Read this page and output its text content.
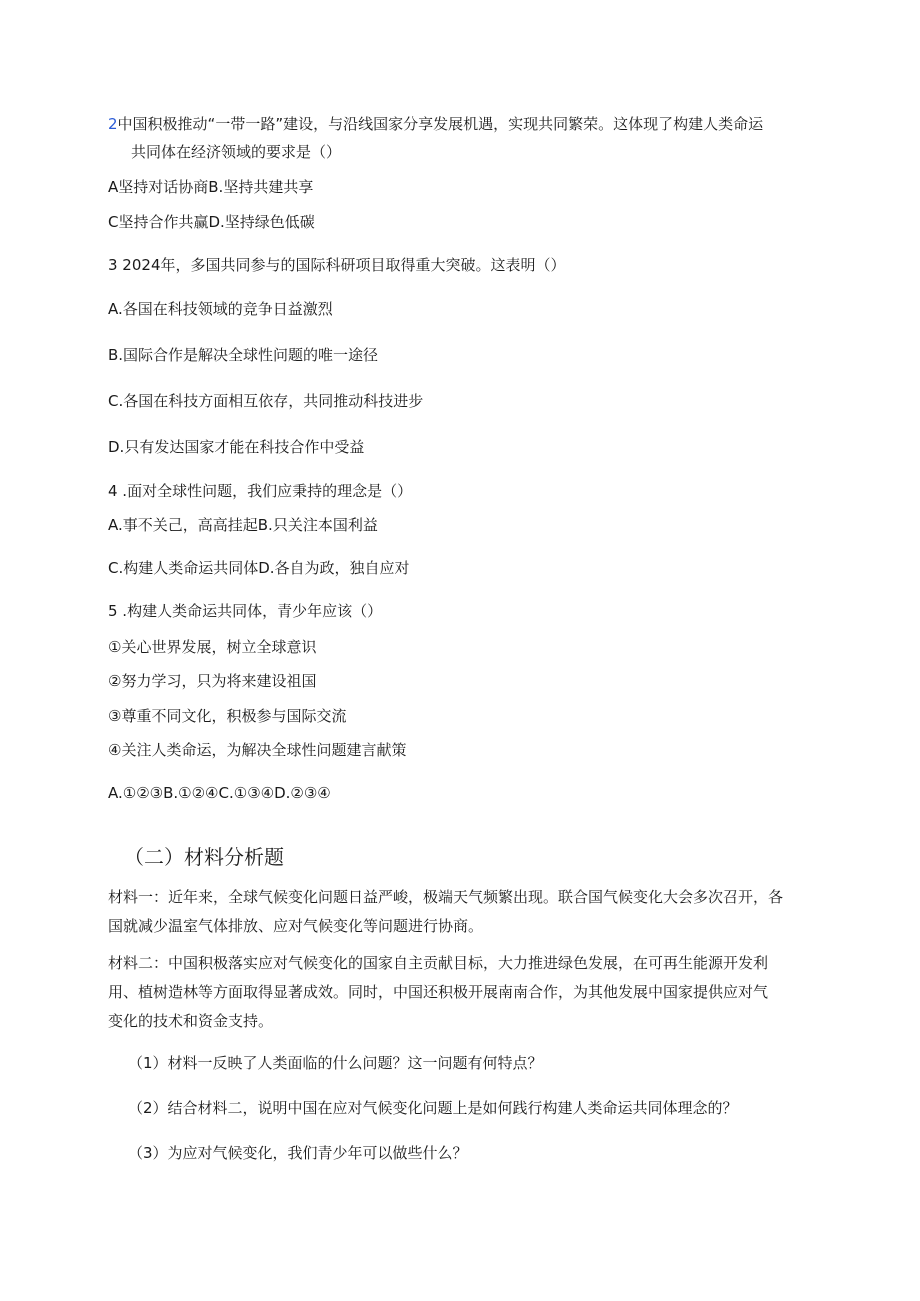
2中国积极推动“一带一路”建设，与沿线国家分享发展机遇，实现共同繁荣。这体现了构建人类命运
共同体在经济领域的要求是（）
A坚持对话协商B.坚持共建共享
C坚持合作共赢D.坚持绿色低碳
3 2024年，多国共同参与的国际科研项目取得重大突破。这表明（）
A.各国在科技领域的竞争日益激烈
B.国际合作是解决全球性问题的唯一途径
C.各国在科技方面相互依存，共同推动科技进步
D.只有发达国家才能在科技合作中受益
4 .面对全球性问题，我们应秉持的理念是（）
A.事不关己，高高挂起B.只关注本国利益
C.构建人类命运共同体D.各自为政，独自应对
5 .构建人类命运共同体，青少年应该（）
①关心世界发展，树立全球意识
②努力学习，只为将来建设祖国
③尊重不同文化，积极参与国际交流
④关注人类命运，为解决全球性问题建言献策
A.①②③B.①②④C.①③④D.②③④
（二）材料分析题
材料一：近年来，全球气候变化问题日益严峻，极端天气频繁出现。联合国气候变化大会多次召开，各
国就减少温室气体排放、应对气候变化等问题进行协商。
材料二：中国积极落实应对气候变化的国家自主贡献目标，大力推进绿色发展，在可再生能源开发利
用、植树造林等方面取得显著成效。同时，中国还积极开展南南合作，为其他发展中国家提供应对气
变化的技术和资金支持。
（1）材料一反映了人类面临的什么问题？这一问题有何特点？
（2）结合材料二，说明中国在应对气候变化问题上是如何践行构建人类命运共同体理念的？
（3）为应对气候变化，我们青少年可以做些什么？
